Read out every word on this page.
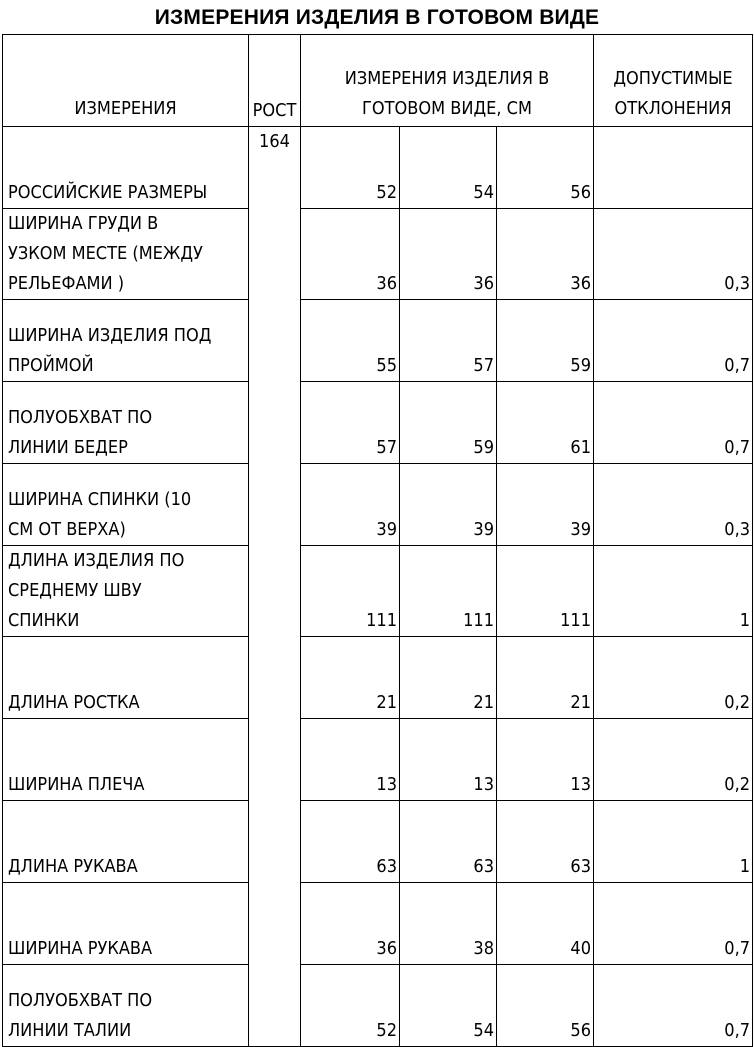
ИЗМЕРЕНИЯ ИЗДЕЛИЯ В ГОТОВОМ ВИДЕ
ИЗМЕРЕНИЯ	РОСТ	ИЗМЕРЕНИЯ ИЗДЕЛИЯ В
ГОТОВОМ ВИДЕ, СМ			ДОПУСТИМЫЕ
ОТКЛОНЕНИЯ

РОССИЙСКИЕ РАЗМЕРЫ	164	52	54	56	

ШИРИНА ГРУДИ В
УЗКОМ МЕСТЕ (МЕЖДУ
РЕЛЬЕФАМИ )		36	36	36	0,3

ШИРИНА ИЗДЕЛИЯ ПОД
ПРОЙМОЙ		55	57	59	0,7

ПОЛУОБХВАТ ПО
ЛИНИИ БЕДЕР		57	59	61	0,7

ШИРИНА СПИНКИ (10
СМ ОТ ВЕРХА)		39	39	39	0,3

ДЛИНА ИЗДЕЛИЯ ПО
СРЕДНЕМУ ШВУ
СПИНКИ		111	111	111	1

ДЛИНА РОСТКА		21	21	21	0,2

ШИРИНА ПЛЕЧА		13	13	13	0,2

ДЛИНА РУКАВА		63	63	63	1

ШИРИНА РУКАВА		36	38	40	0,7

ПОЛУОБХВАТ ПО
ЛИНИИ ТАЛИИ		52	54	56	0,7
